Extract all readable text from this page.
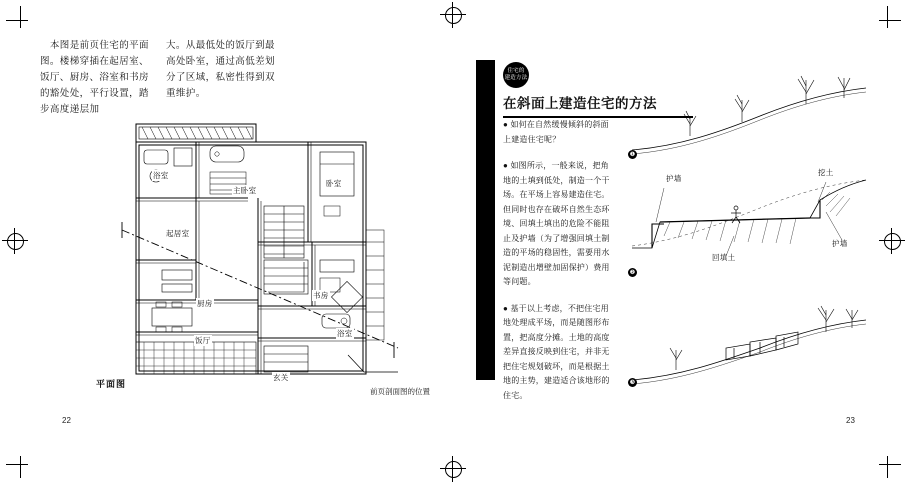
　本图是前页住宅的平面图。楼梯穿插在起居室、饭厅、厨房、浴室和书房的豁处处，平行设置，踏步高度递层加

大。从最低处的饭厅到最高处卧室，通过高低差划分了区域，私密性得到双重维护。

浴室
主卧室
卧室
起居室
厨房
书房
饭厅
浴室
玄关
平面图
前页剖面图的位置
22
住宅的
建造方法
在斜面上建造住宅的方法

● 如何在自然缓慢倾斜的斜面上建造住宅呢？

● 如图所示，一般来说，把角地的土填到低处，制造一个干场。在平场上容易建造住宅。但同时也存在破坏自然生态环境、回填土填出的危险不能阻止及护墙（为了增强回填土制造的平场的稳固性，需要用水泥制造出增壁加固保护）费用等问题。

● 基于以上考虑，不把住宅用地处理成平场，而是随图形布置，把高度分摊。土地的高度差异直接反映到住宅，并非无把住宅规划破坏，而是根据土地的主势，建造适合该地形的住宅。

❶
护墙
挖土
回填土
护墙
❷
❸
23
